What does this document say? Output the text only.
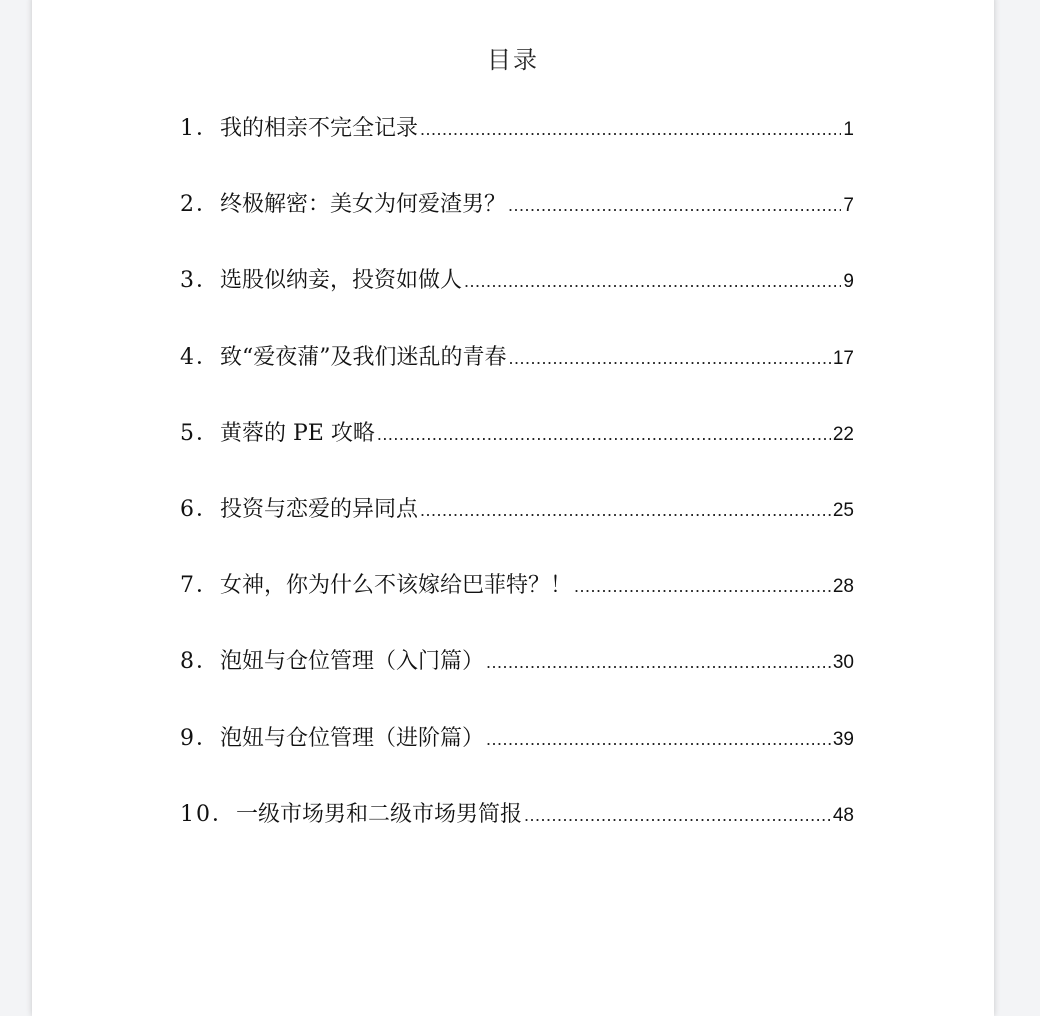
目录
1． 我的相亲不完全记录 .....	1
2． 终极解密：美女为何爱渣男？ .....	7
3． 选股似纳妾，投资如做人 .....	9
4． 致“爱夜蒲”及我们迷乱的青春 .....	17
5． 黄蓉的 PE 攻略 .....	22
6． 投资与恋爱的异同点 .....	25
7． 女神，你为什么不该嫁给巴菲特？！ .....	28
8． 泡妞与仓位管理（入门篇） .....	30
9． 泡妞与仓位管理（进阶篇） .....	39
10． 一级市场男和二级市场男简报 .....	48
